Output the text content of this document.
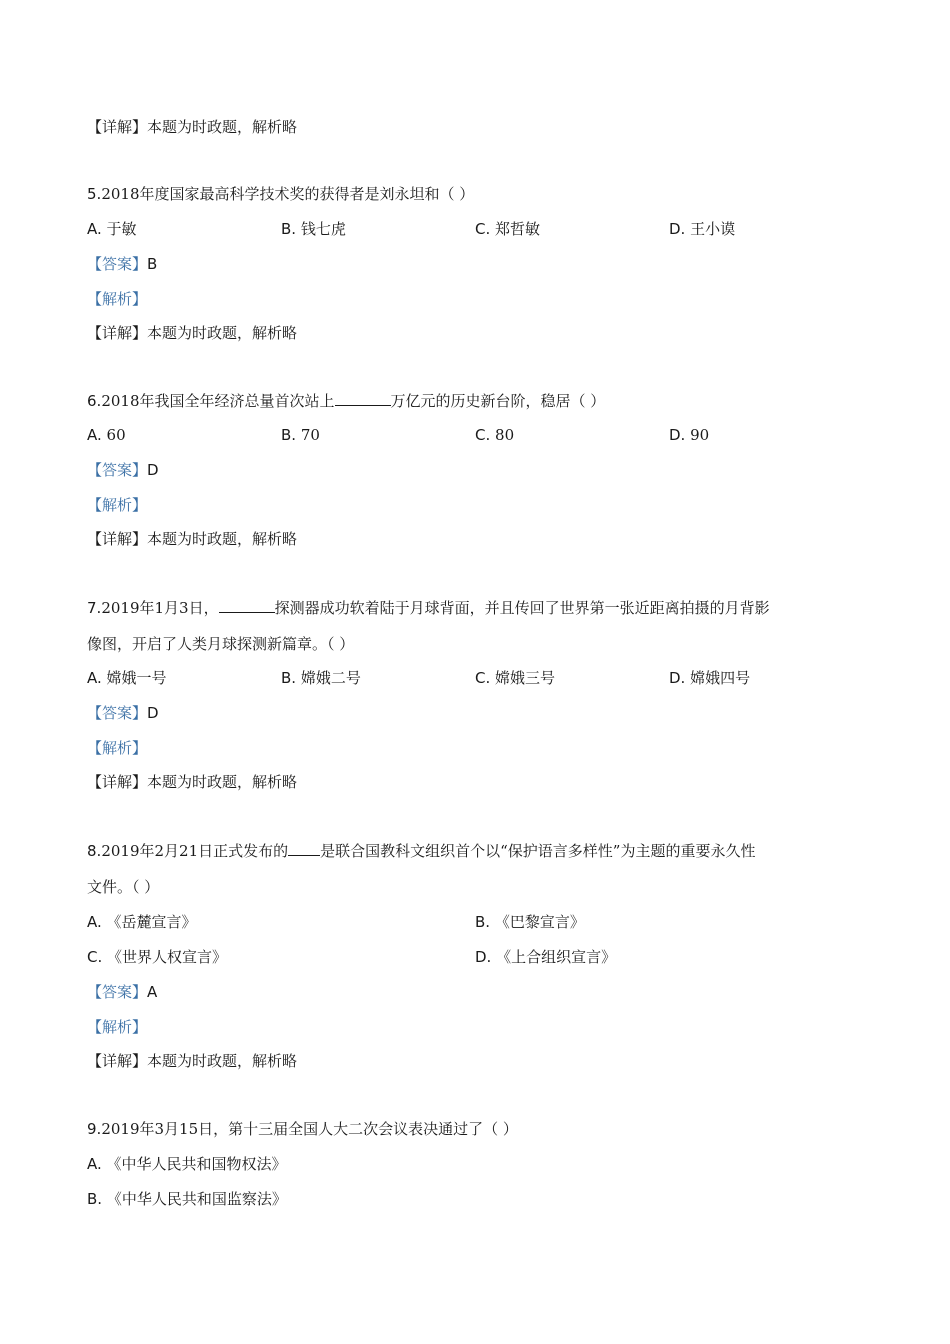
【详解】本题为时政题，解析略
5.2018年度国家最高科学技术奖的获得者是刘永坦和（ ）
A. 于敏	B. 钱七虎	C. 郑哲敏	D. 王小谟
【答案】B
【解析】
【详解】本题为时政题，解析略
6.2018年我国全年经济总量首次站上	万亿元的历史新台阶，稳居（ ）
A. 60	B. 70	C. 80	D. 90
【答案】D
【解析】
【详解】本题为时政题，解析略
7.2019年1月3日，	探测器成功软着陆于月球背面，并且传回了世界第一张近距离拍摄的月背影
像图，开启了人类月球探测新篇章。（ ）
A. 嫦娥一号	B. 嫦娥二号	C. 嫦娥三号	D. 嫦娥四号
【答案】D
【解析】
【详解】本题为时政题，解析略
8.2019年2月21日正式发布的 是联合国教科文组织首个以“保护语言多样性”为主题的重要永久性
文件。（ ）
A. 《岳麓宣言》	B. 《巴黎宣言》
C. 《世界人权宣言》	D. 《上合组织宣言》
【答案】A
【解析】
【详解】本题为时政题，解析略
9.2019年3月15日，第十三届全国人大二次会议表决通过了（ ）
A. 《中华人民共和国物权法》
B. 《中华人民共和国监察法》
